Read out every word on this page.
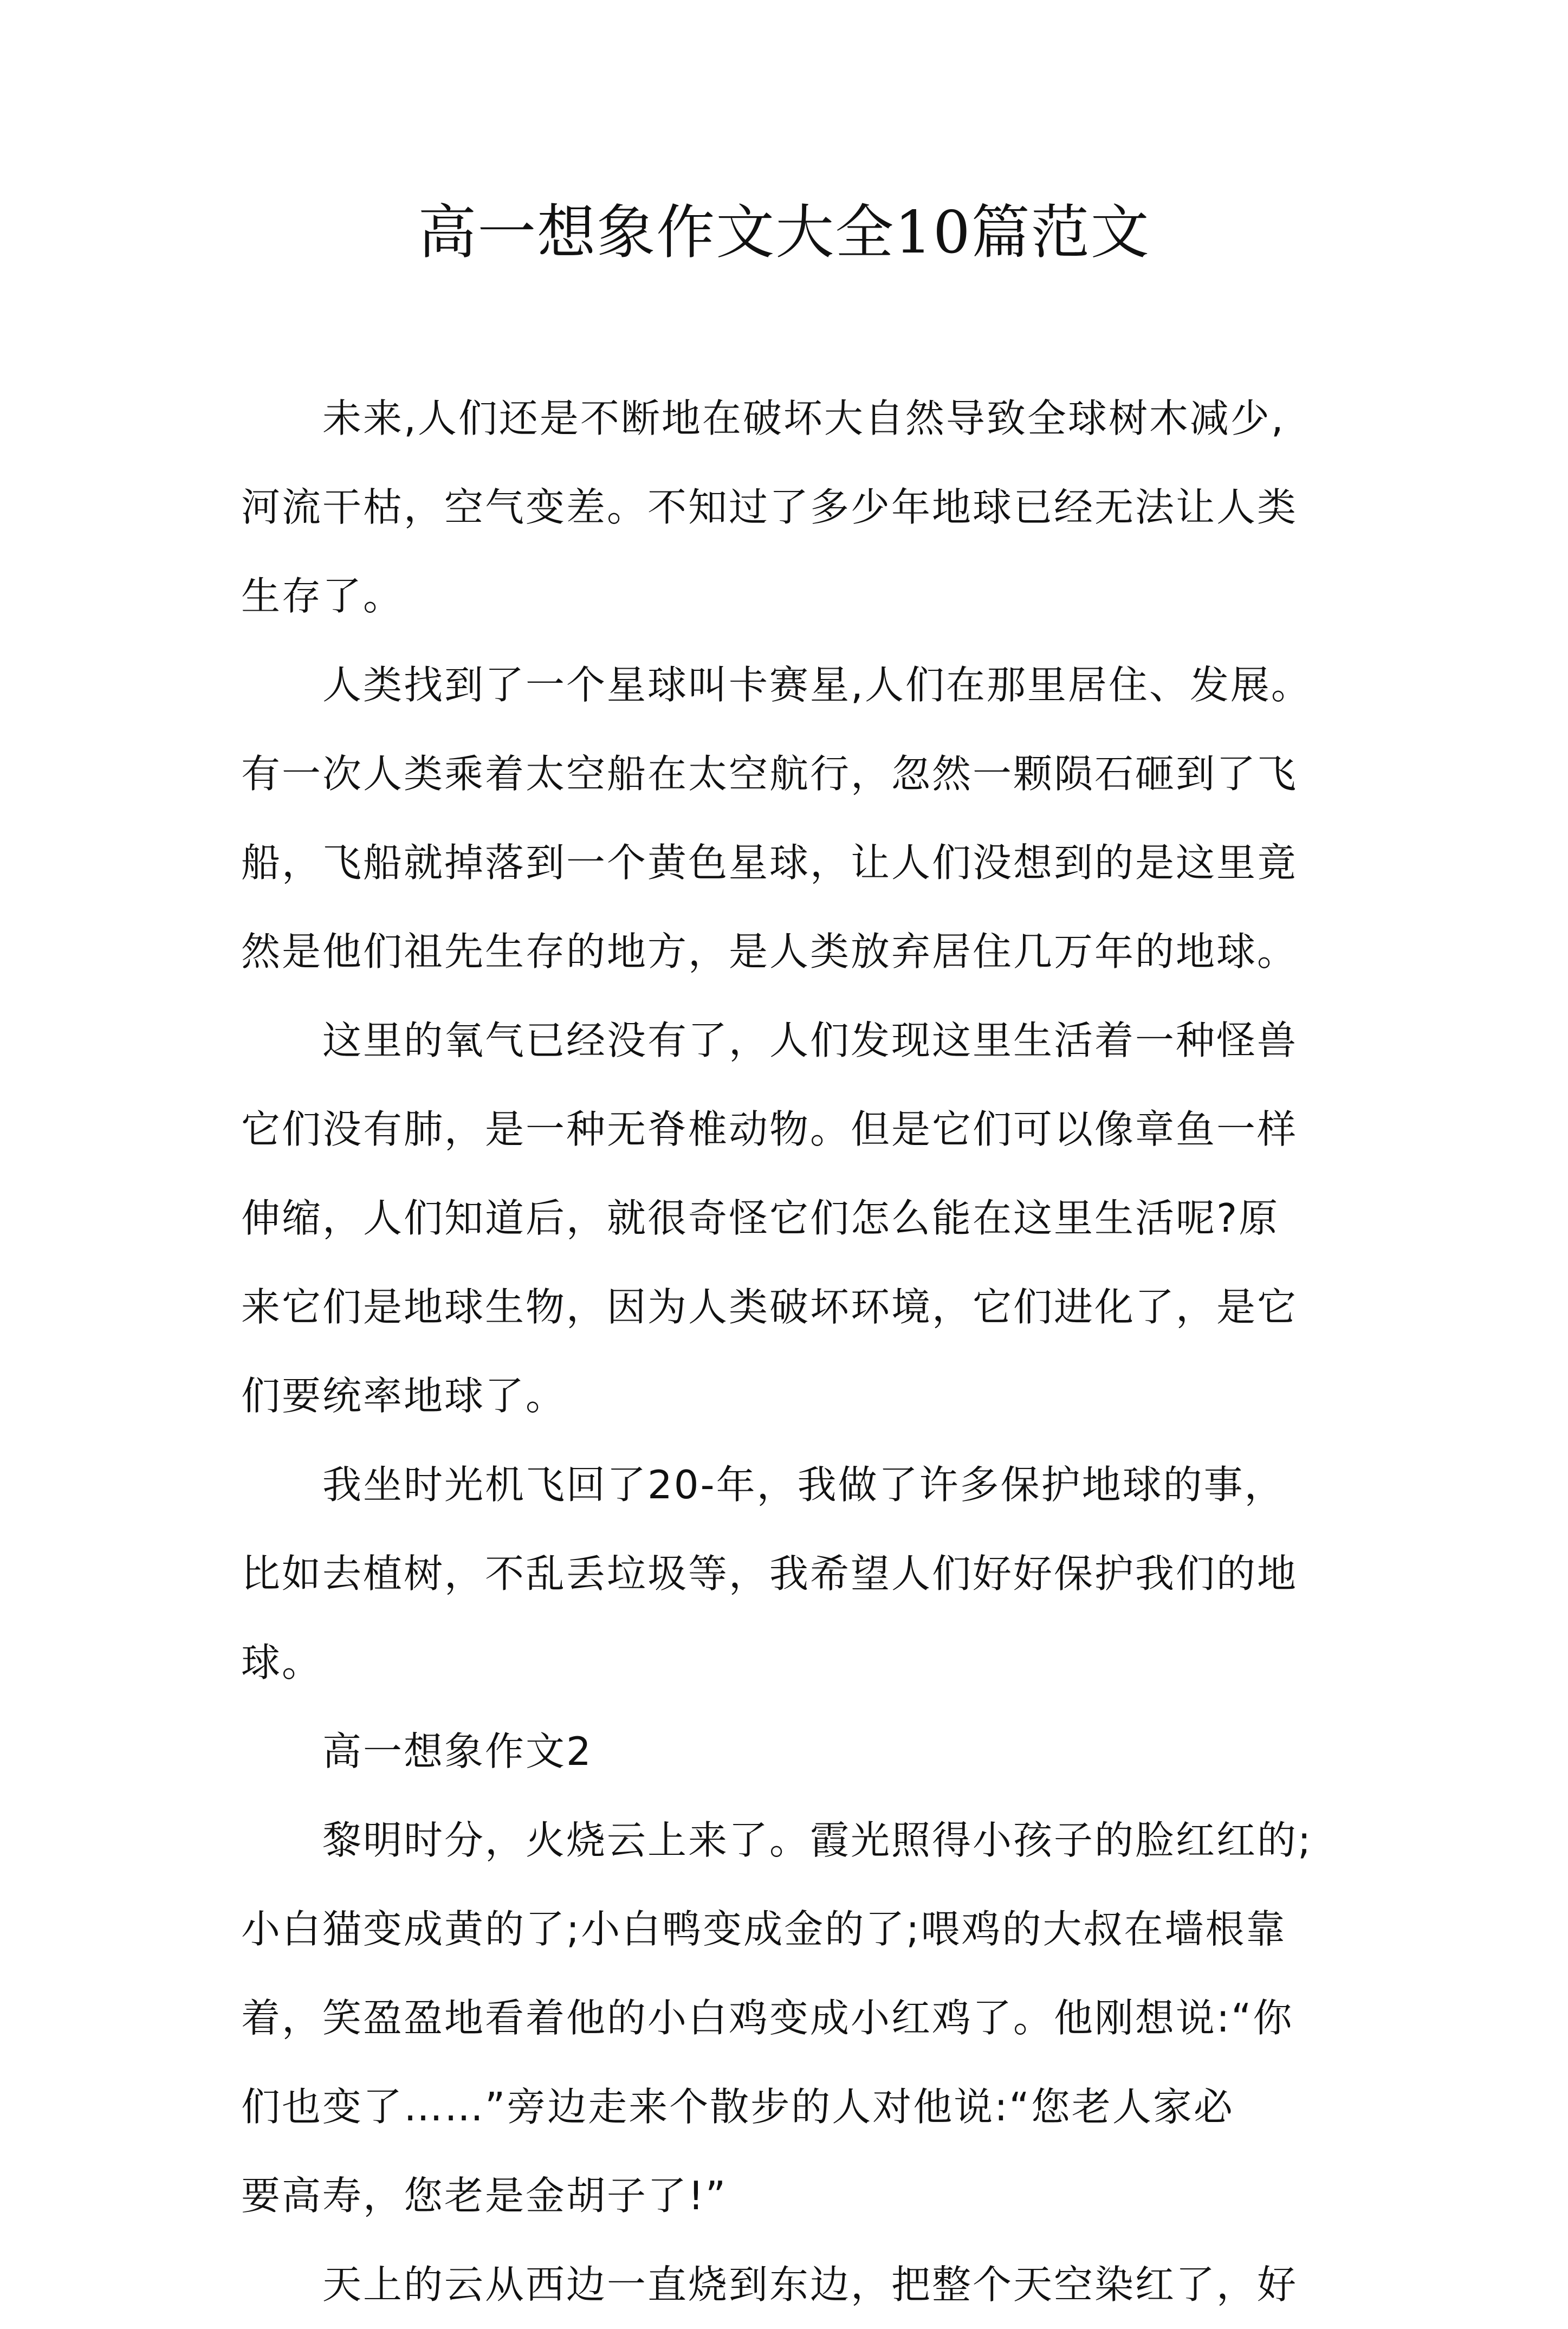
高一想象作文大全10篇范文
未来,人们还是不断地在破坏大自然导致全球树木减少,
河流干枯，空气变差。不知过了多少年地球已经无法让人类
生存了。
人类找到了一个星球叫卡赛星,人们在那里居住、发展。
有一次人类乘着太空船在太空航行，忽然一颗陨石砸到了飞
船，飞船就掉落到一个黄色星球，让人们没想到的是这里竟
然是他们祖先生存的地方，是人类放弃居住几万年的地球。
这里的氧气已经没有了，人们发现这里生活着一种怪兽
它们没有肺，是一种无脊椎动物。但是它们可以像章鱼一样
伸缩，人们知道后，就很奇怪它们怎么能在这里生活呢?原
来它们是地球生物，因为人类破坏环境，它们进化了，是它
们要统率地球了。
我坐时光机飞回了20-年，我做了许多保护地球的事，
比如去植树，不乱丢垃圾等，我希望人们好好保护我们的地
球。
高一想象作文2
黎明时分，火烧云上来了。霞光照得小孩子的脸红红的;
小白猫变成黄的了;小白鸭变成金的了;喂鸡的大叔在墙根靠
着，笑盈盈地看着他的小白鸡变成小红鸡了。他刚想说:“你
们也变了……”旁边走来个散步的人对他说:“您老人家必
要高寿，您老是金胡子了!”
天上的云从西边一直烧到东边，把整个天空染红了，好
